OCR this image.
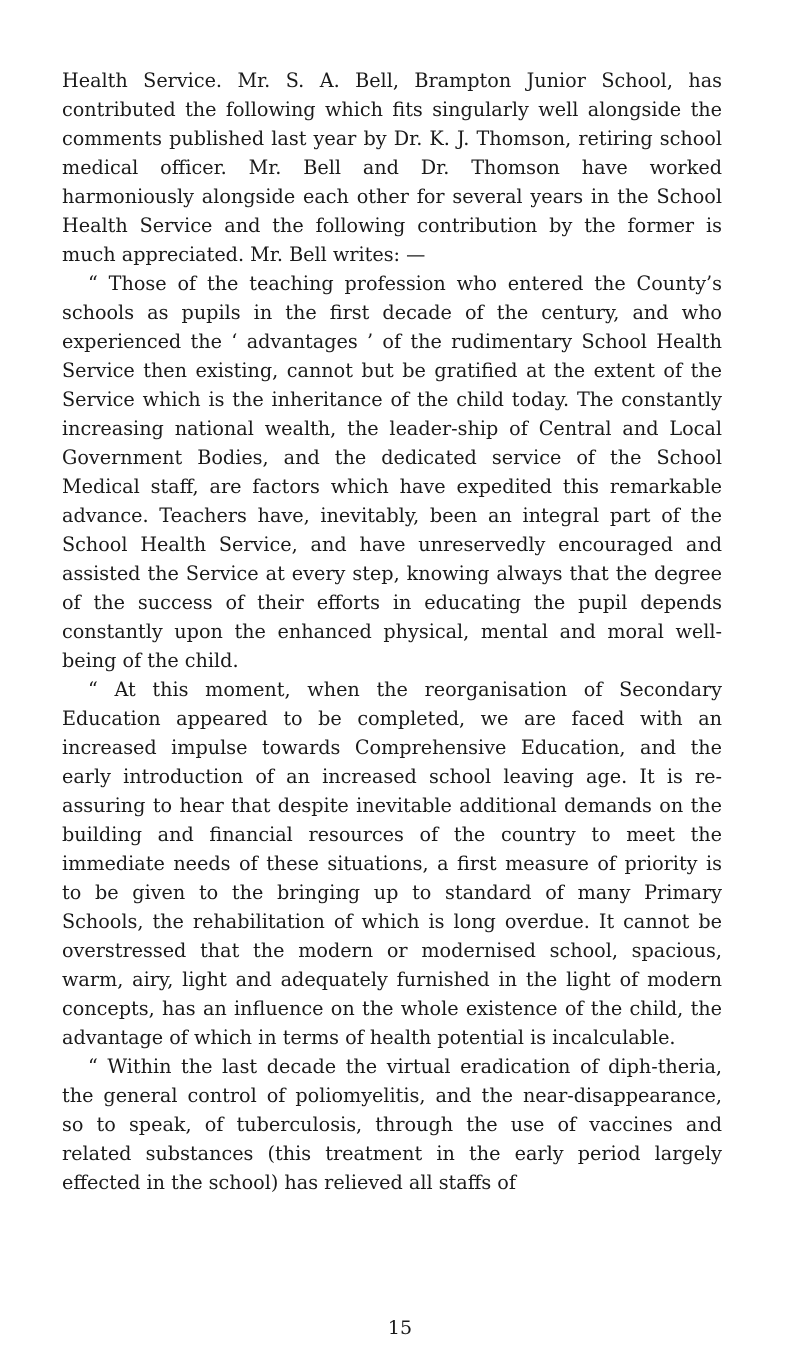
Health Service. Mr. S. A. Bell, Brampton Junior School, has contributed the following which fits singularly well alongside the comments published last year by Dr. K. J. Thomson, retiring school medical officer. Mr. Bell and Dr. Thomson have worked harmoniously alongside each other for several years in the School Health Service and the following contribution by the former is much appreciated. Mr. Bell writes: —

“ Those of the teaching profession who entered the County’s schools as pupils in the first decade of the century, and who experienced the ‘ advantages ’ of the rudimentary School Health Service then existing, cannot but be gratified at the extent of the Service which is the inheritance of the child today. The constantly increasing national wealth, the leader-ship of Central and Local Government Bodies, and the dedicated service of the School Medical staff, are factors which have expedited this remarkable advance. Teachers have, inevitably, been an integral part of the School Health Service, and have unreservedly encouraged and assisted the Service at every step, knowing always that the degree of the success of their efforts in educating the pupil depends constantly upon the enhanced physical, mental and moral well-being of the child.

“ At this moment, when the reorganisation of Secondary Education appeared to be completed, we are faced with an increased impulse towards Comprehensive Education, and the early introduction of an increased school leaving age. It is re-assuring to hear that despite inevitable additional demands on the building and financial resources of the country to meet the immediate needs of these situations, a first measure of priority is to be given to the bringing up to standard of many Primary Schools, the rehabilitation of which is long overdue. It cannot be overstressed that the modern or modernised school, spacious, warm, airy, light and adequately furnished in the light of modern concepts, has an influence on the whole existence of the child, the advantage of which in terms of health potential is incalculable.

“ Within the last decade the virtual eradication of diph-theria, the general control of poliomyelitis, and the near-disappearance, so to speak, of tuberculosis, through the use of vaccines and related substances (this treatment in the early period largely effected in the school) has relieved all staffs of

15
